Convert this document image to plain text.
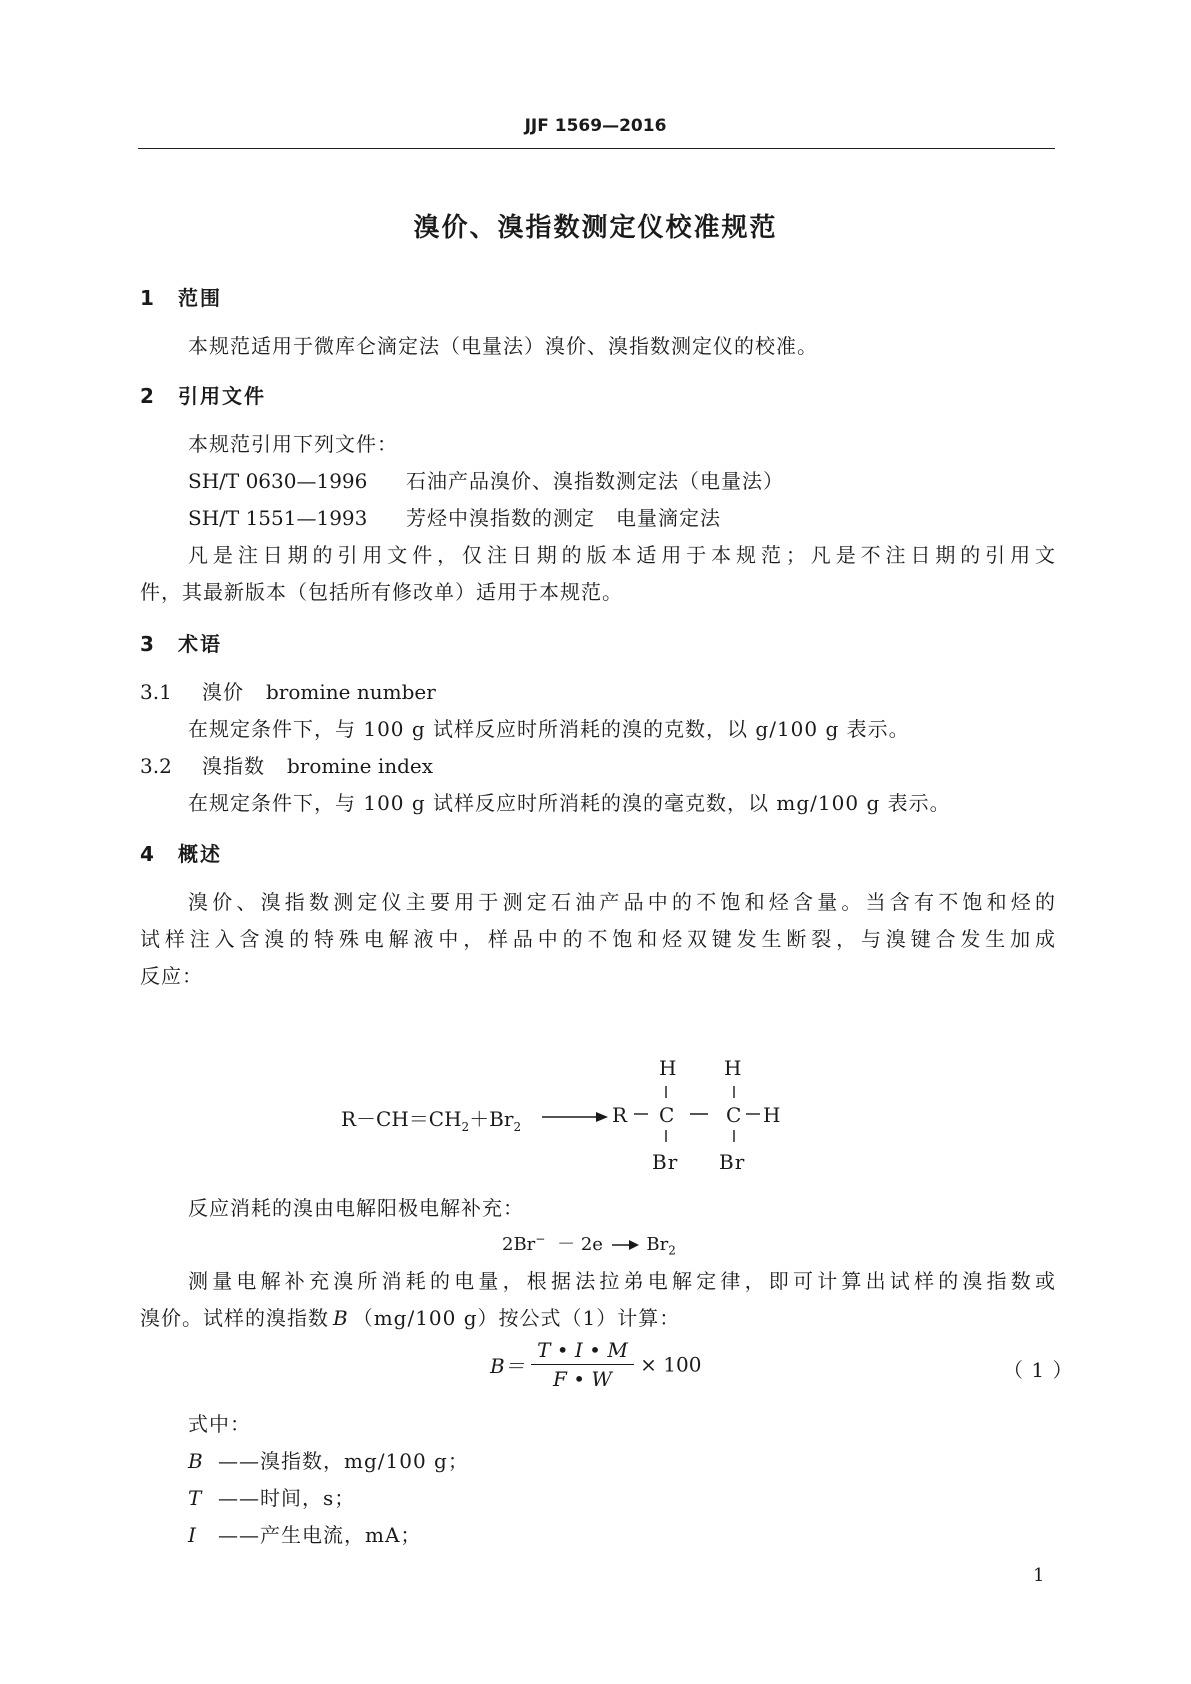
JJF 1569—2016
溴价、溴指数测定仪校准规范
1 范围
本规范适用于微库仑滴定法（电量法）溴价、溴指数测定仪的校准。
2 引用文件
本规范引用下列文件：
SH/T 0630—1996 石油产品溴价、溴指数测定法（电量法）
SH/T 1551—1993 芳烃中溴指数的测定　电量滴定法
凡是注日期的引用文件，仅注日期的版本适用于本规范；凡是不注日期的引用文
件，其最新版本（包括所有修改单）适用于本规范。
3 术语
3.1 溴价 bromine number
在规定条件下，与 100 g 试样反应时所消耗的溴的克数，以 g/100 g 表示。
3.2 溴指数 bromine index
在规定条件下，与 100 g 试样反应时所消耗的溴的毫克数，以 mg/100 g 表示。
4 概述
溴价、溴指数测定仪主要用于测定石油产品中的不饱和烃含量。当含有不饱和烃的
试样注入含溴的特殊电解液中，样品中的不饱和烃双键发生断裂，与溴键合发生加成
反应：
$R-CH=CH_2+Br_2$	R
H H
C	C H
Br Br
反应消耗的溴由电解阳极电解补充：
2Br− － 2e $Br_2$
测量电解补充溴所消耗的电量，根据法拉弟电解定律，即可计算出试样的溴指数或
溴价。试样的溴指数 B （mg/100 g）按公式（1）计算：
$B= \frac{T • I • M}{F • W} \times 100$	（ 1 ）
式中：
B ——溴指数，mg/100 g；
T ——时间，s；
I ——产生电流，mA；
1
